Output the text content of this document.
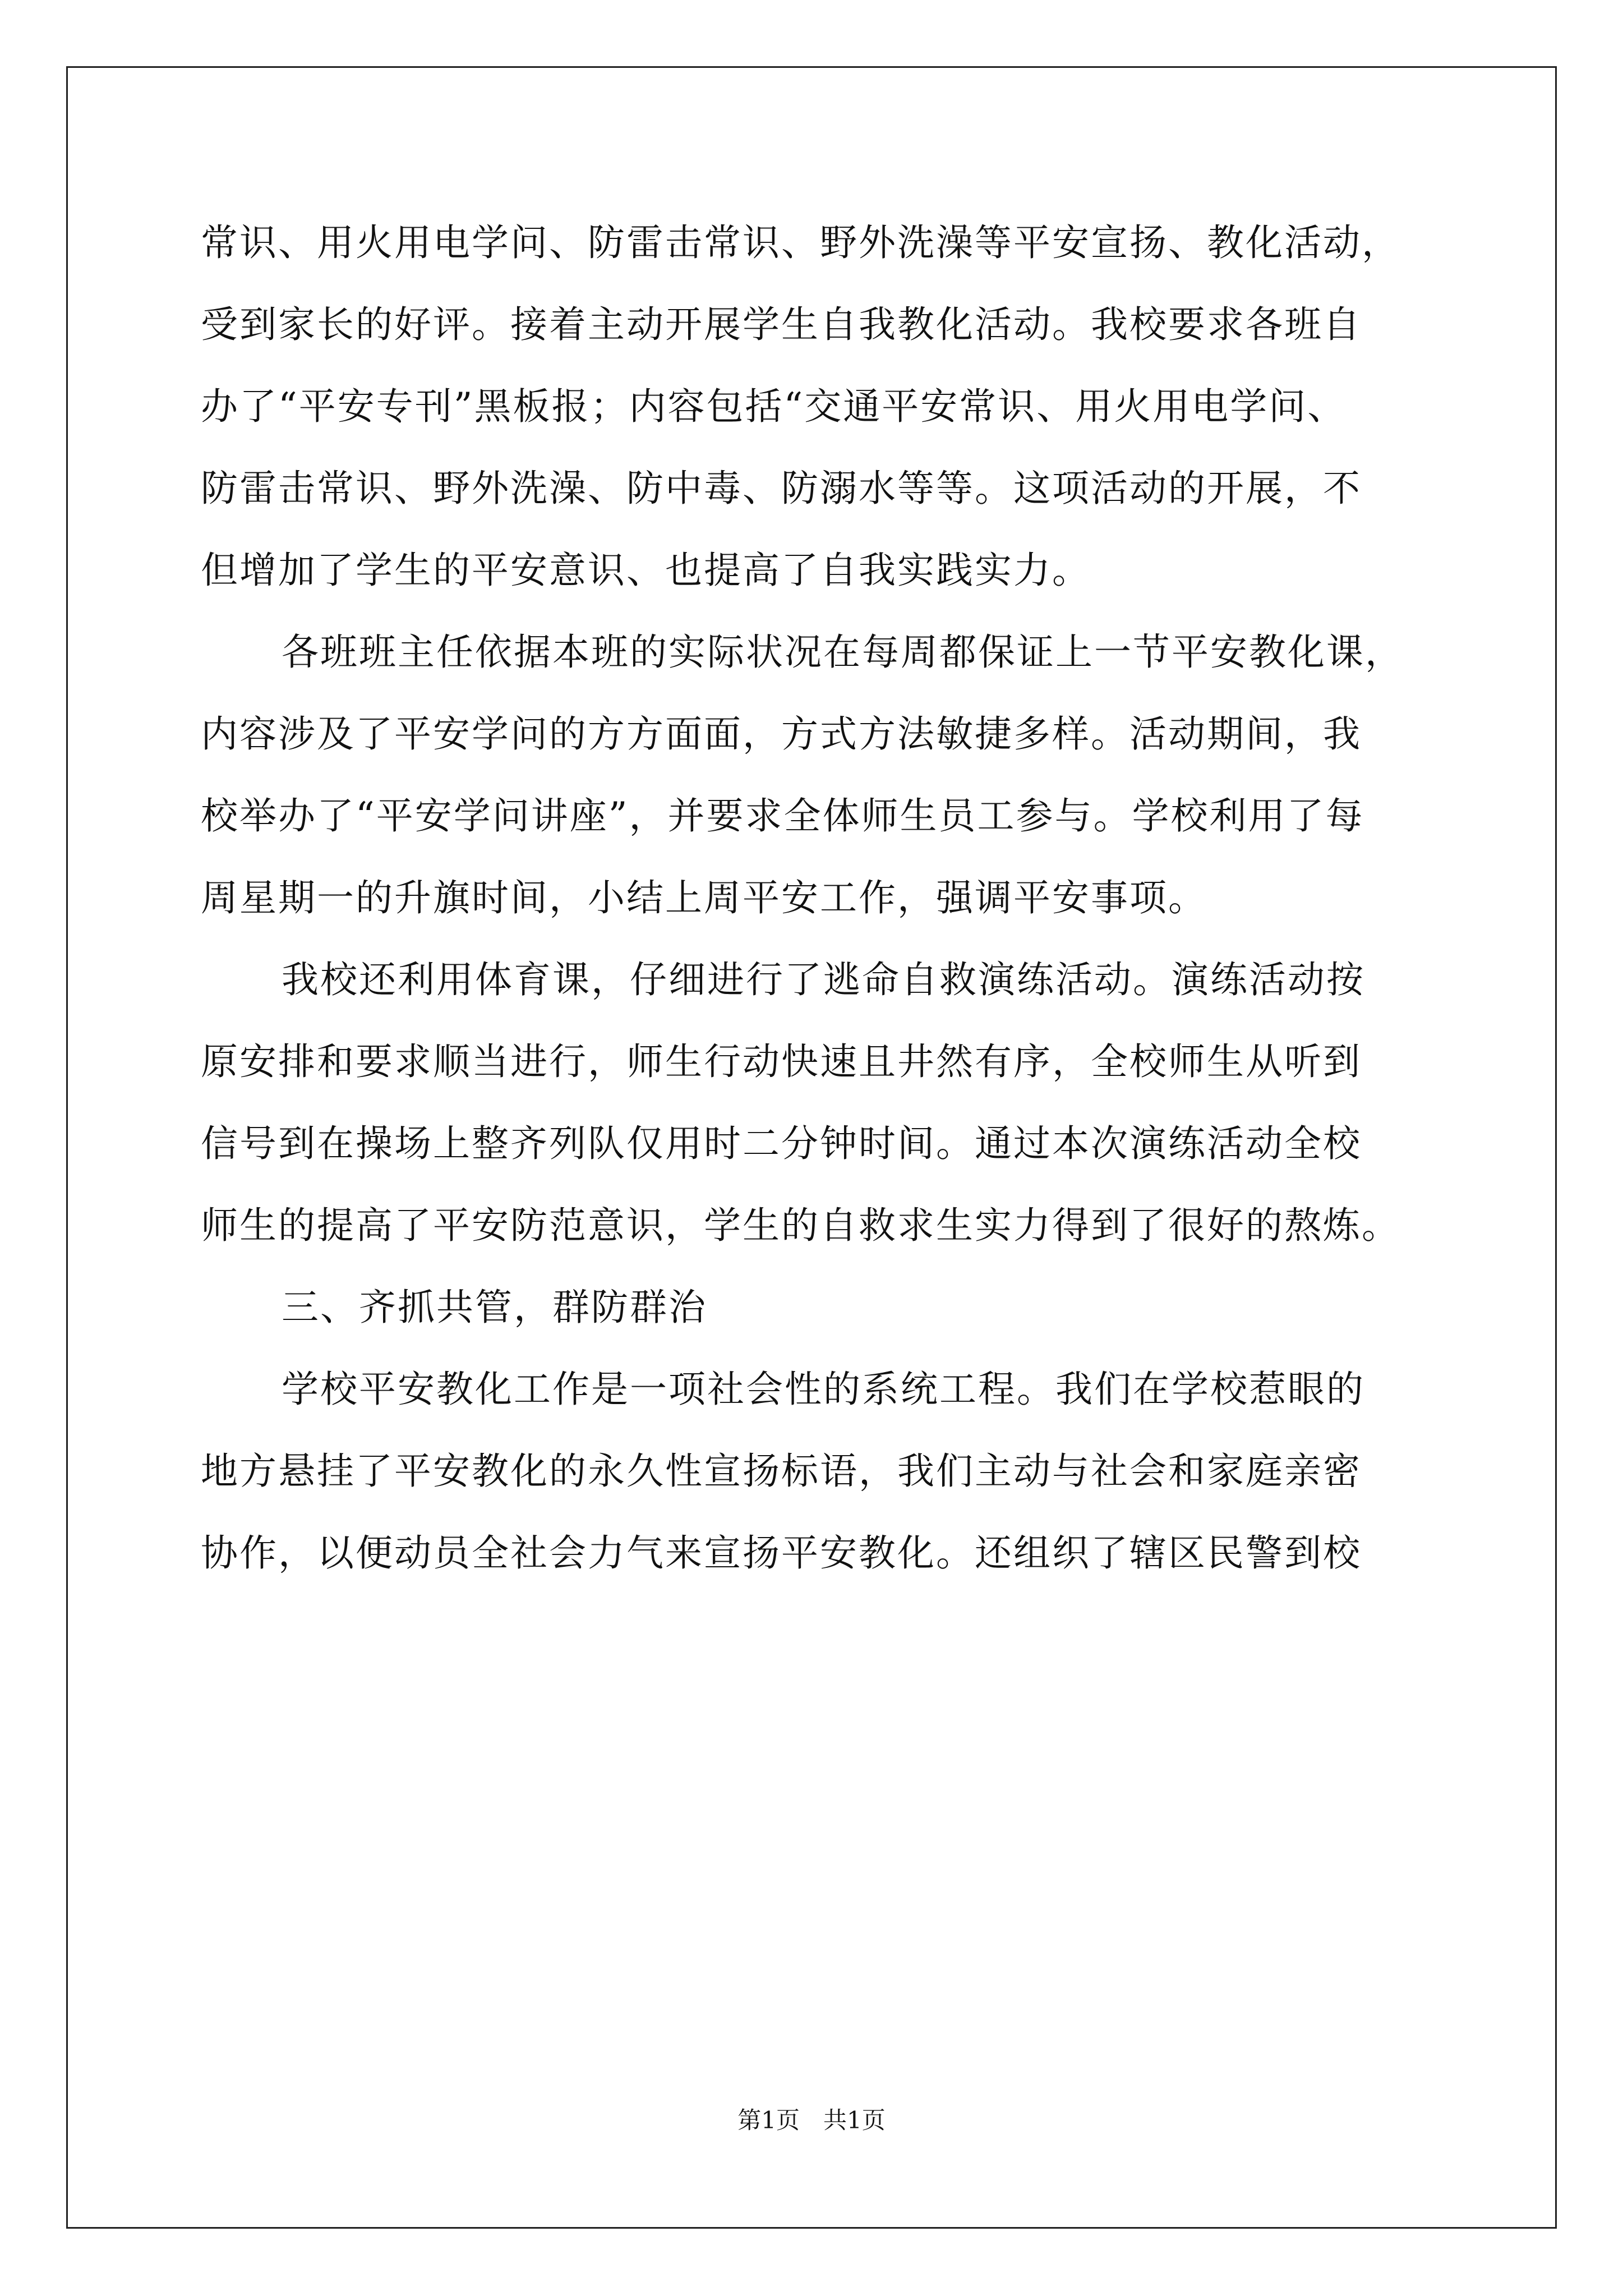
常识、用火用电学问、防雷击常识、野外洗澡等平安宣扬、教化活动，
受到家长的好评。接着主动开展学生自我教化活动。我校要求各班自
办了“平安专刊”黑板报；内容包括“交通平安常识、用火用电学问、
防雷击常识、野外洗澡、防中毒、防溺水等等。这项活动的开展，不
但增加了学生的平安意识、也提高了自我实践实力。
各班班主任依据本班的实际状况在每周都保证上一节平安教化课，
内容涉及了平安学问的方方面面，方式方法敏捷多样。活动期间，我
校举办了“平安学问讲座”，并要求全体师生员工参与。学校利用了每
周星期一的升旗时间，小结上周平安工作，强调平安事项。
我校还利用体育课，仔细进行了逃命自救演练活动。演练活动按
原安排和要求顺当进行，师生行动快速且井然有序，全校师生从听到
信号到在操场上整齐列队仅用时二分钟时间。通过本次演练活动全校
师生的提高了平安防范意识，学生的自救求生实力得到了很好的熬炼。
三、齐抓共管，群防群治
学校平安教化工作是一项社会性的系统工程。我们在学校惹眼的
地方悬挂了平安教化的永久性宣扬标语，我们主动与社会和家庭亲密
协作，以便动员全社会力气来宣扬平安教化。还组织了辖区民警到校
第1页　共1页
